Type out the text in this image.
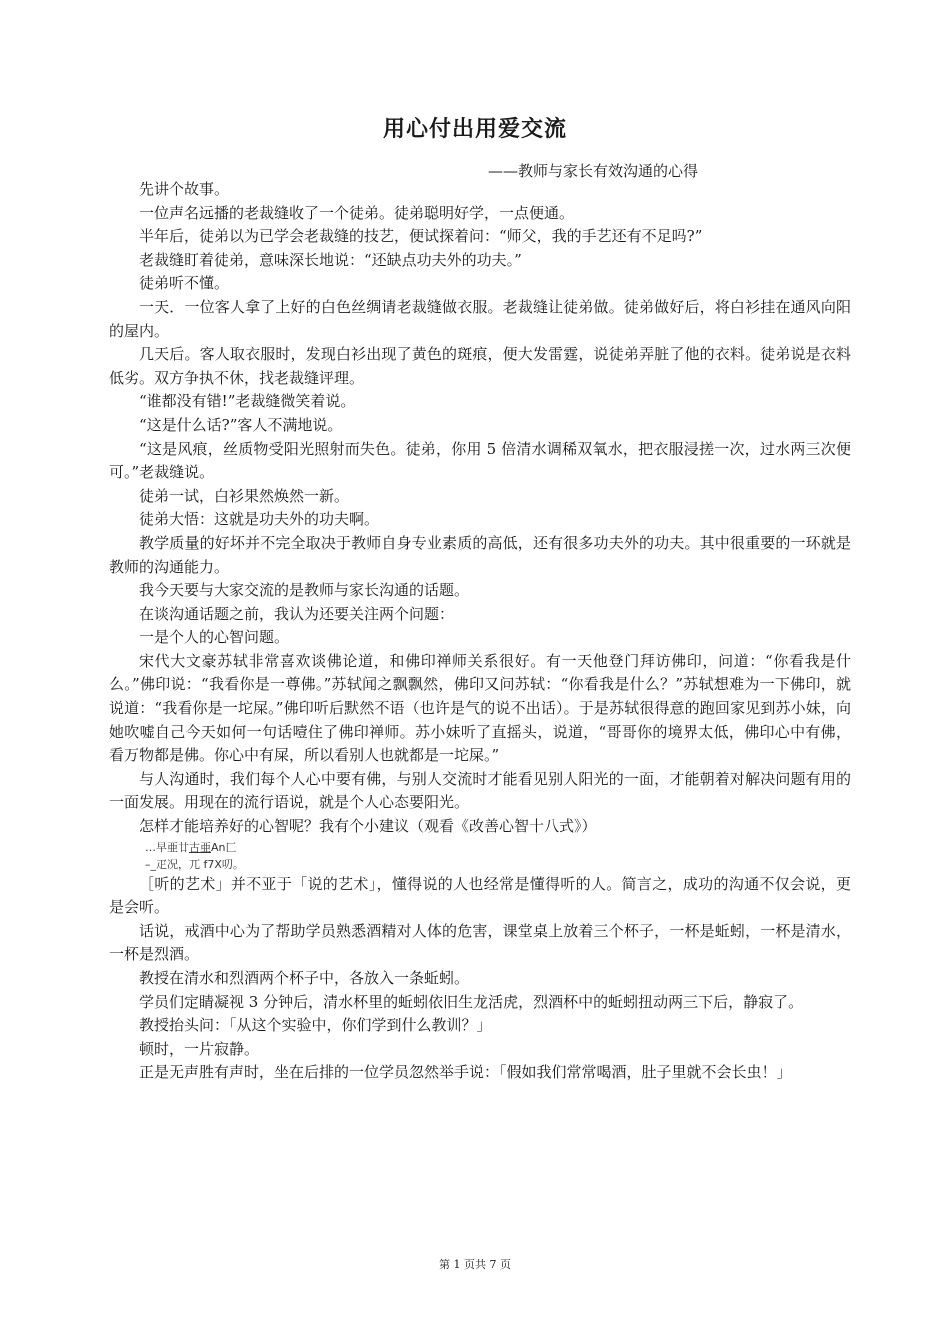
用心付出用爱交流
——教师与家长有效沟通的心得

先讲个故事。

一位声名远播的老裁缝收了一个徒弟。徒弟聪明好学，一点便通。

半年后，徒弟以为已学会老裁缝的技艺，便试探着问：“师父，我的手艺还有不足吗?”

老裁缝盯着徒弟，意味深长地说：“还缺点功夫外的功夫。”

徒弟听不懂。

一天．一位客人拿了上好的白色丝绸请老裁缝做衣服。老裁缝让徒弟做。徒弟做好后，将白衫挂在通风向阳的屋内。

几天后。客人取衣服时，发现白衫出现了黄色的斑痕，便大发雷霆，说徒弟弄脏了他的衣料。徒弟说是衣料低劣。双方争执不休，找老裁缝评理。

“谁都没有错!”老裁缝微笑着说。

“这是什么话?”客人不满地说。

“这是风痕，丝质物受阳光照射而失色。徒弟，你用 5 倍清水调稀双氧水，把衣服浸搓一次，过水两三次便可。”老裁缝说。

徒弟一试，白衫果然焕然一新。

徒弟大悟：这就是功夫外的功夫啊。

教学质量的好坏并不完全取决于教师自身专业素质的高低，还有很多功夫外的功夫。其中很重要的一环就是教师的沟通能力。

我今天要与大家交流的是教师与家长沟通的话题。

在谈沟通话题之前，我认为还要关注两个问题：

一是个人的心智问题。

宋代大文豪苏轼非常喜欢谈佛论道，和佛印禅师关系很好。有一天他登门拜访佛印，问道：“你看我是什么。”佛印说：“我看你是一尊佛。”苏轼闻之飘飘然，佛印又问苏轼：“你看我是什么？”苏轼想难为一下佛印，就说道：“我看你是一坨屎。”佛印听后默然不语（也许是气的说不出话）。于是苏轼很得意的跑回家见到苏小妹，向她吹嘘自己今天如何一句话噎住了佛印禅师。苏小妹听了直摇头，说道，“哥哥你的境界太低，佛印心中有佛，看万物都是佛。你心中有屎，所以看别人也就都是一坨屎。”

与人沟通时，我们每个人心中要有佛，与别人交流时才能看见别人阳光的一面，才能朝着对解决问题有用的一面发展。用现在的流行语说，就是个人心态要阳光。

怎样才能培养好的心智呢？我有个小建议（观看《改善心智十八式》）

…早亜廿古亜An匚

–_疋况，兀 f7X叨。

［听的艺术」并不亚于「说的艺术」，懂得说的人也经常是懂得听的人。简言之，成功的沟通不仅会说，更是会听。

话说，戒酒中心为了帮助学员熟悉酒精对人体的危害，课堂桌上放着三个杯子，一杯是蚯蚓，一杯是清水，一杯是烈酒。

教授在清水和烈酒两个杯子中，各放入一条蚯蚓。

学员们定睛凝视 3 分钟后，清水杯里的蚯蚓依旧生龙活虎，烈酒杯中的蚯蚓扭动两三下后，静寂了。

教授抬头问：「从这个实验中，你们学到什么教训？」

顿时，一片寂静。

正是无声胜有声时，坐在后排的一位学员忽然举手说：「假如我们常常喝酒，肚子里就不会长虫！」

第 1 页共 7 页
